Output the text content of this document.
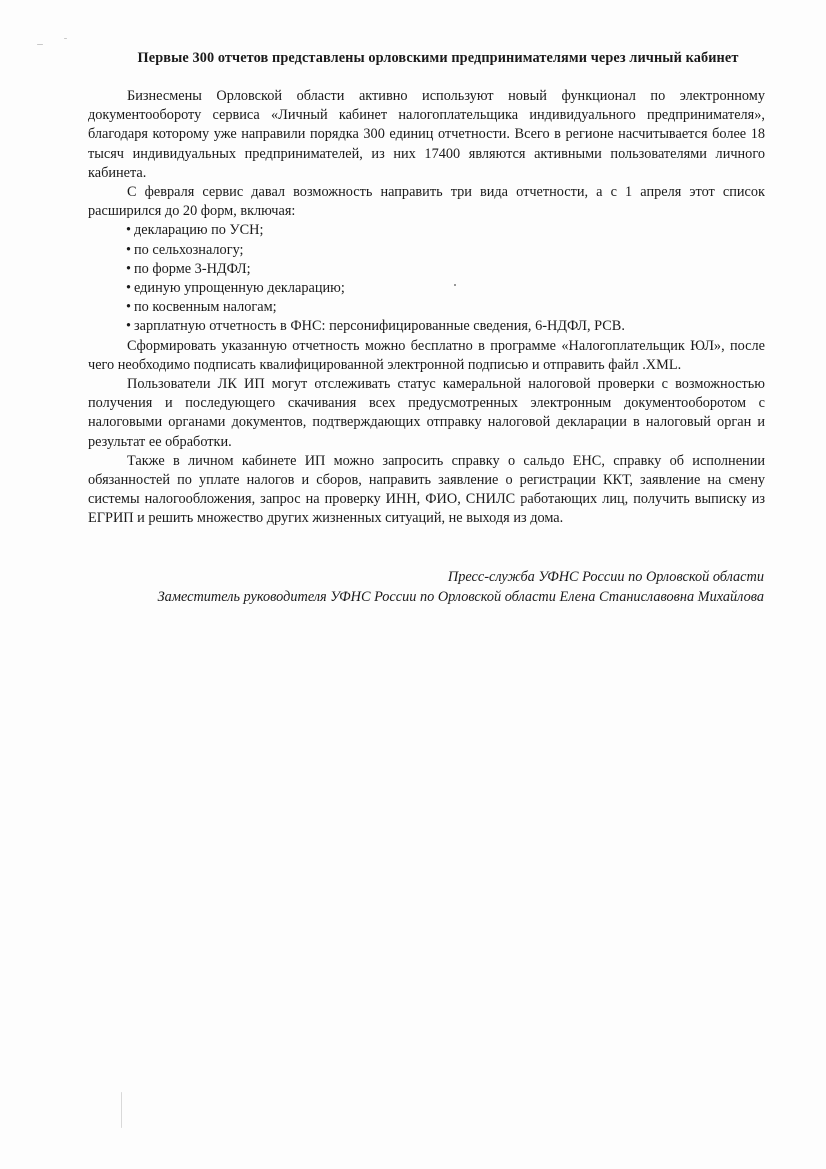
Первые 300 отчетов представлены орловскими предпринимателями через личный кабинет

Бизнесмены Орловской области активно используют новый функционал по электронному документообороту сервиса «Личный кабинет налогоплательщика индивидуального предпринимателя», благодаря которому уже направили порядка 300 единиц отчетности. Всего в регионе насчитывается более 18 тысяч индивидуальных предпринимателей, из них 17400 являются активными пользователями личного кабинета.

С февраля сервис давал возможность направить три вида отчетности, а с 1 апреля этот список расширился до 20 форм, включая:

• декларацию по УСН;
• по сельхозналогу;
• по форме 3-НДФЛ;
• единую упрощенную декларацию;
• по косвенным налогам;
• зарплатную отчетность в ФНС: персонифицированные сведения, 6-НДФЛ, РСВ.

Сформировать указанную отчетность можно бесплатно в программе «Налогоплательщик ЮЛ», после чего необходимо подписать квалифицированной электронной подписью и отправить файл .XML.

Пользователи ЛК ИП могут отслеживать статус камеральной налоговой проверки с возможностью получения и последующего скачивания всех предусмотренных электронным документооборотом с налоговыми органами документов, подтверждающих отправку налоговой декларации в налоговый орган и результат ее обработки.

Также в личном кабинете ИП можно запросить справку о сальдо ЕНС, справку об исполнении обязанностей по уплате налогов и сборов, направить заявление о регистрации ККТ, заявление на смену системы налогообложения, запрос на проверку ИНН, ФИО, СНИЛС работающих лиц, получить выписку из ЕГРИП и решить множество других жизненных ситуаций, не выходя из дома.

Пресс-служба УФНС России по Орловской области
Заместитель руководителя УФНС России по Орловской области Елена Станиславовна Михайлова
